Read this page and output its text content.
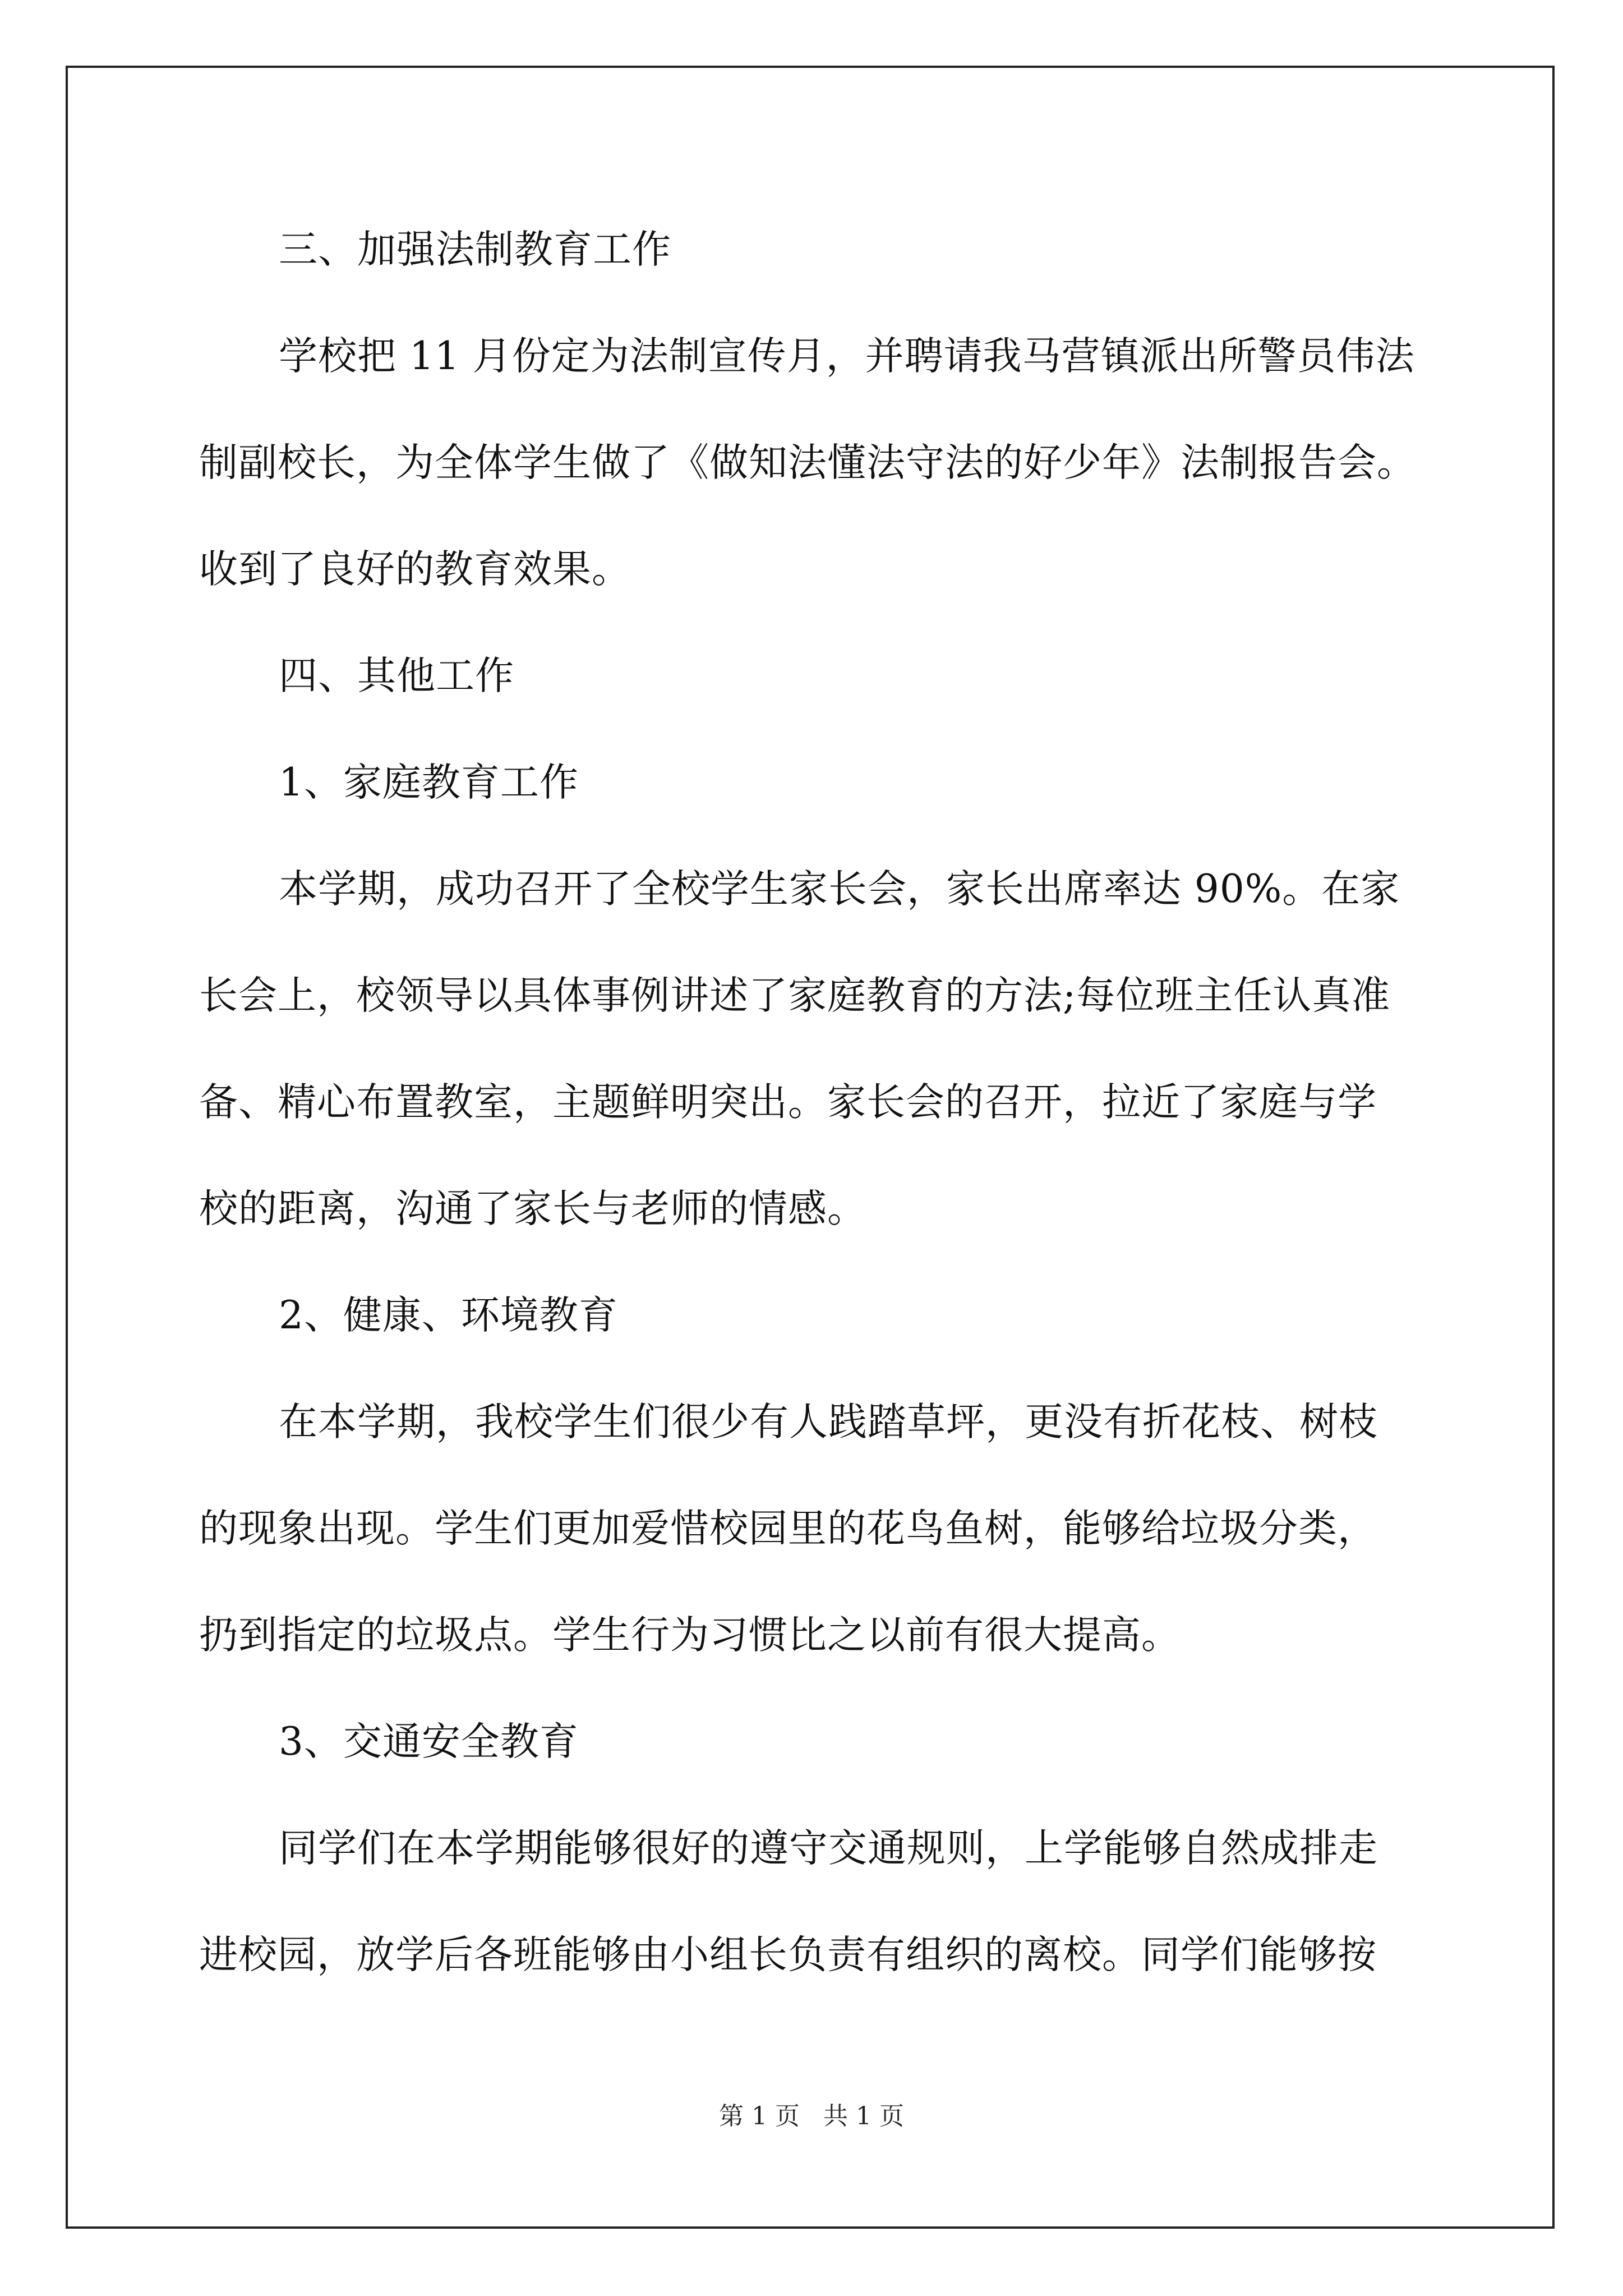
三、加强法制教育工作
学校把 11 月份定为法制宣传月，并聘请我马营镇派出所警员伟法
制副校长，为全体学生做了《做知法懂法守法的好少年》法制报告会。
收到了良好的教育效果。
四、其他工作
1、家庭教育工作
本学期，成功召开了全校学生家长会，家长出席率达 90%。在家
长会上，校领导以具体事例讲述了家庭教育的方法;每位班主任认真准
备、精心布置教室，主题鲜明突出。家长会的召开，拉近了家庭与学
校的距离，沟通了家长与老师的情感。
2、健康、环境教育
在本学期，我校学生们很少有人践踏草坪，更没有折花枝、树枝
的现象出现。学生们更加爱惜校园里的花鸟鱼树，能够给垃圾分类，
扔到指定的垃圾点。学生行为习惯比之以前有很大提高。
3、交通安全教育
同学们在本学期能够很好的遵守交通规则，上学能够自然成排走
进校园，放学后各班能够由小组长负责有组织的离校。同学们能够按
第 1 页   共 1 页
